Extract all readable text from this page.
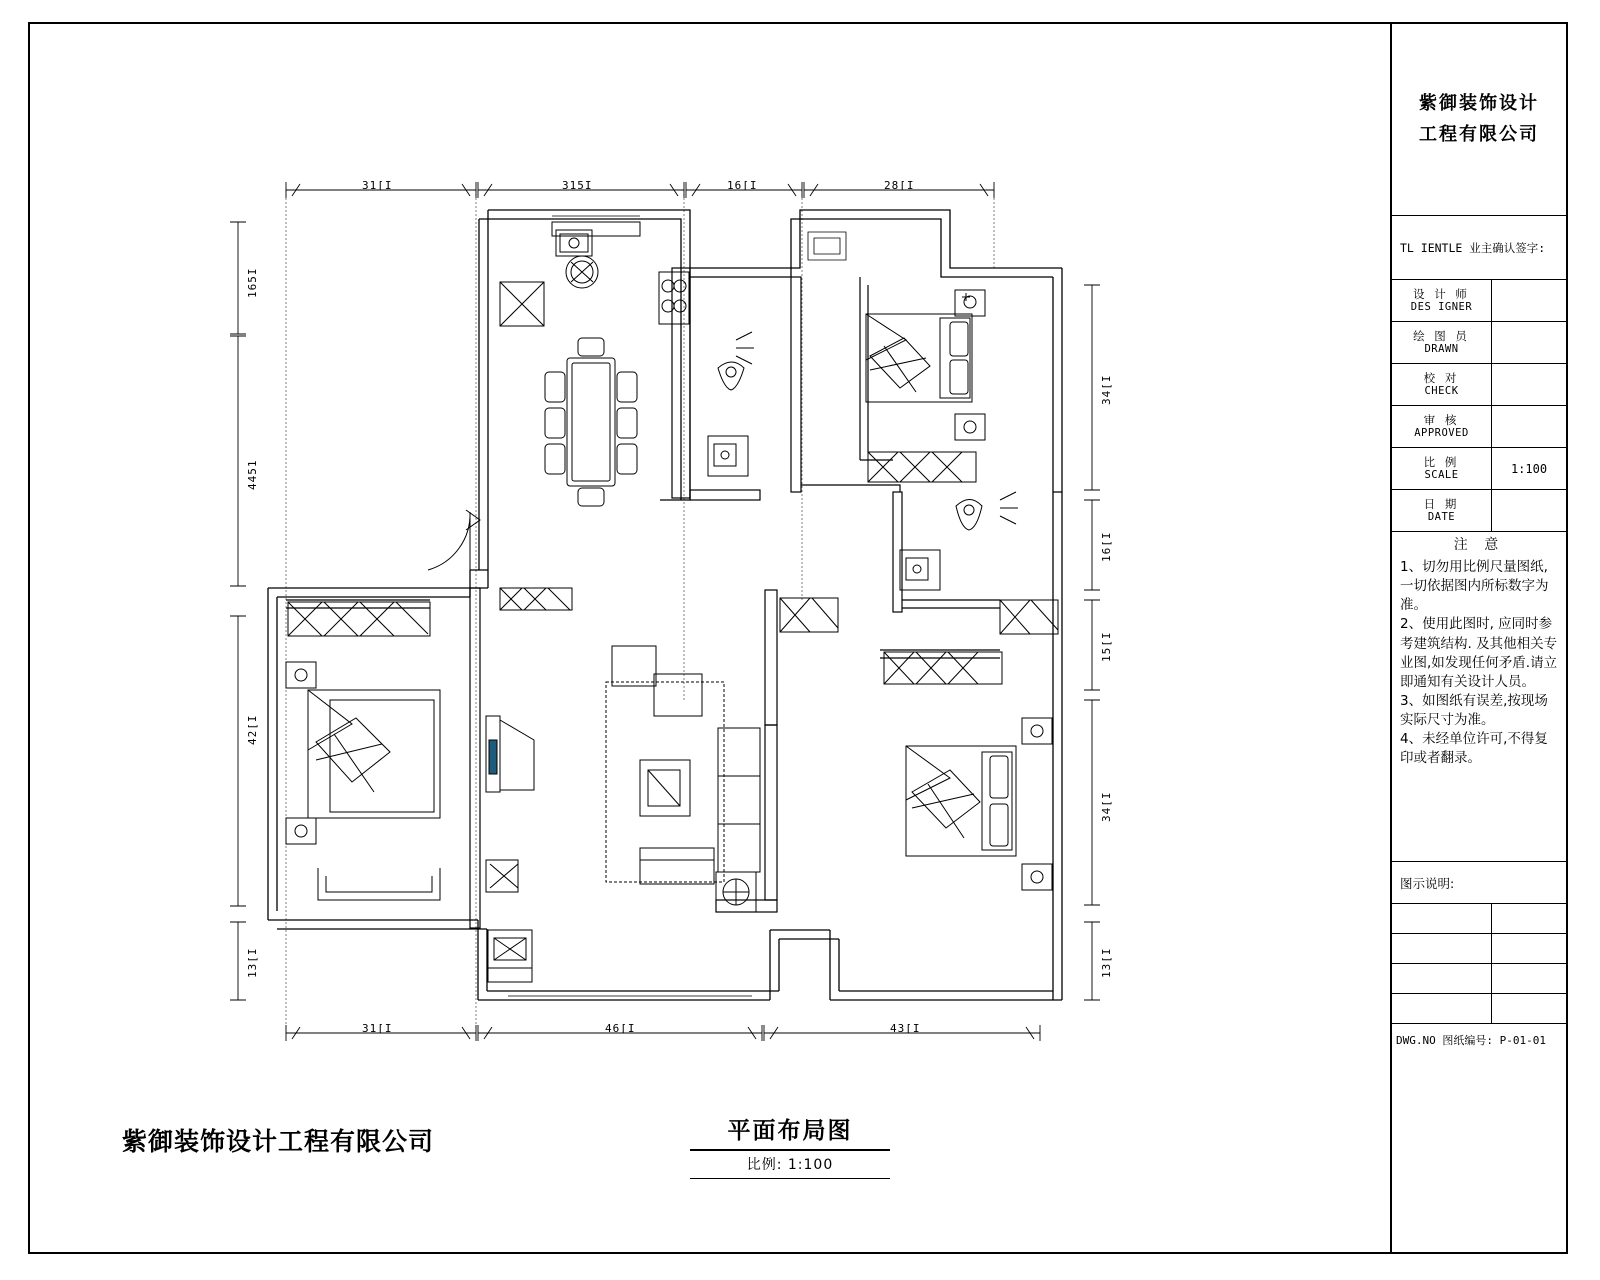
31[I	315I	16[I	28[I
31[I	46[I	43[I
165I
4451
42[I
13[I
34[I
16[I
15[I
34[I
13[I
紫御装饰设计
工程有限公司
TL IENTLE 业主确认签字:
设 计 师
DES IGNER
绘 图 员
DRAWN
校 对
CHECK
审 核
APPROVED
比 例
SCALE	1:100
日 期
DATE
注 意
1、切勿用比例尺量图纸,一切依据图内所标数字为准。
2、使用此图时, 应同时参考建筑结构. 及其他相关专业图,如发现任何矛盾.请立即通知有关设计人员。
3、如图纸有误差,按现场实际尺寸为准。
4、未经单位许可,不得复印或者翻录。
图示说明:
DWG.NO 图纸编号: P-01-01
紫御装饰设计工程有限公司	平面布局图
比例: 1:100
